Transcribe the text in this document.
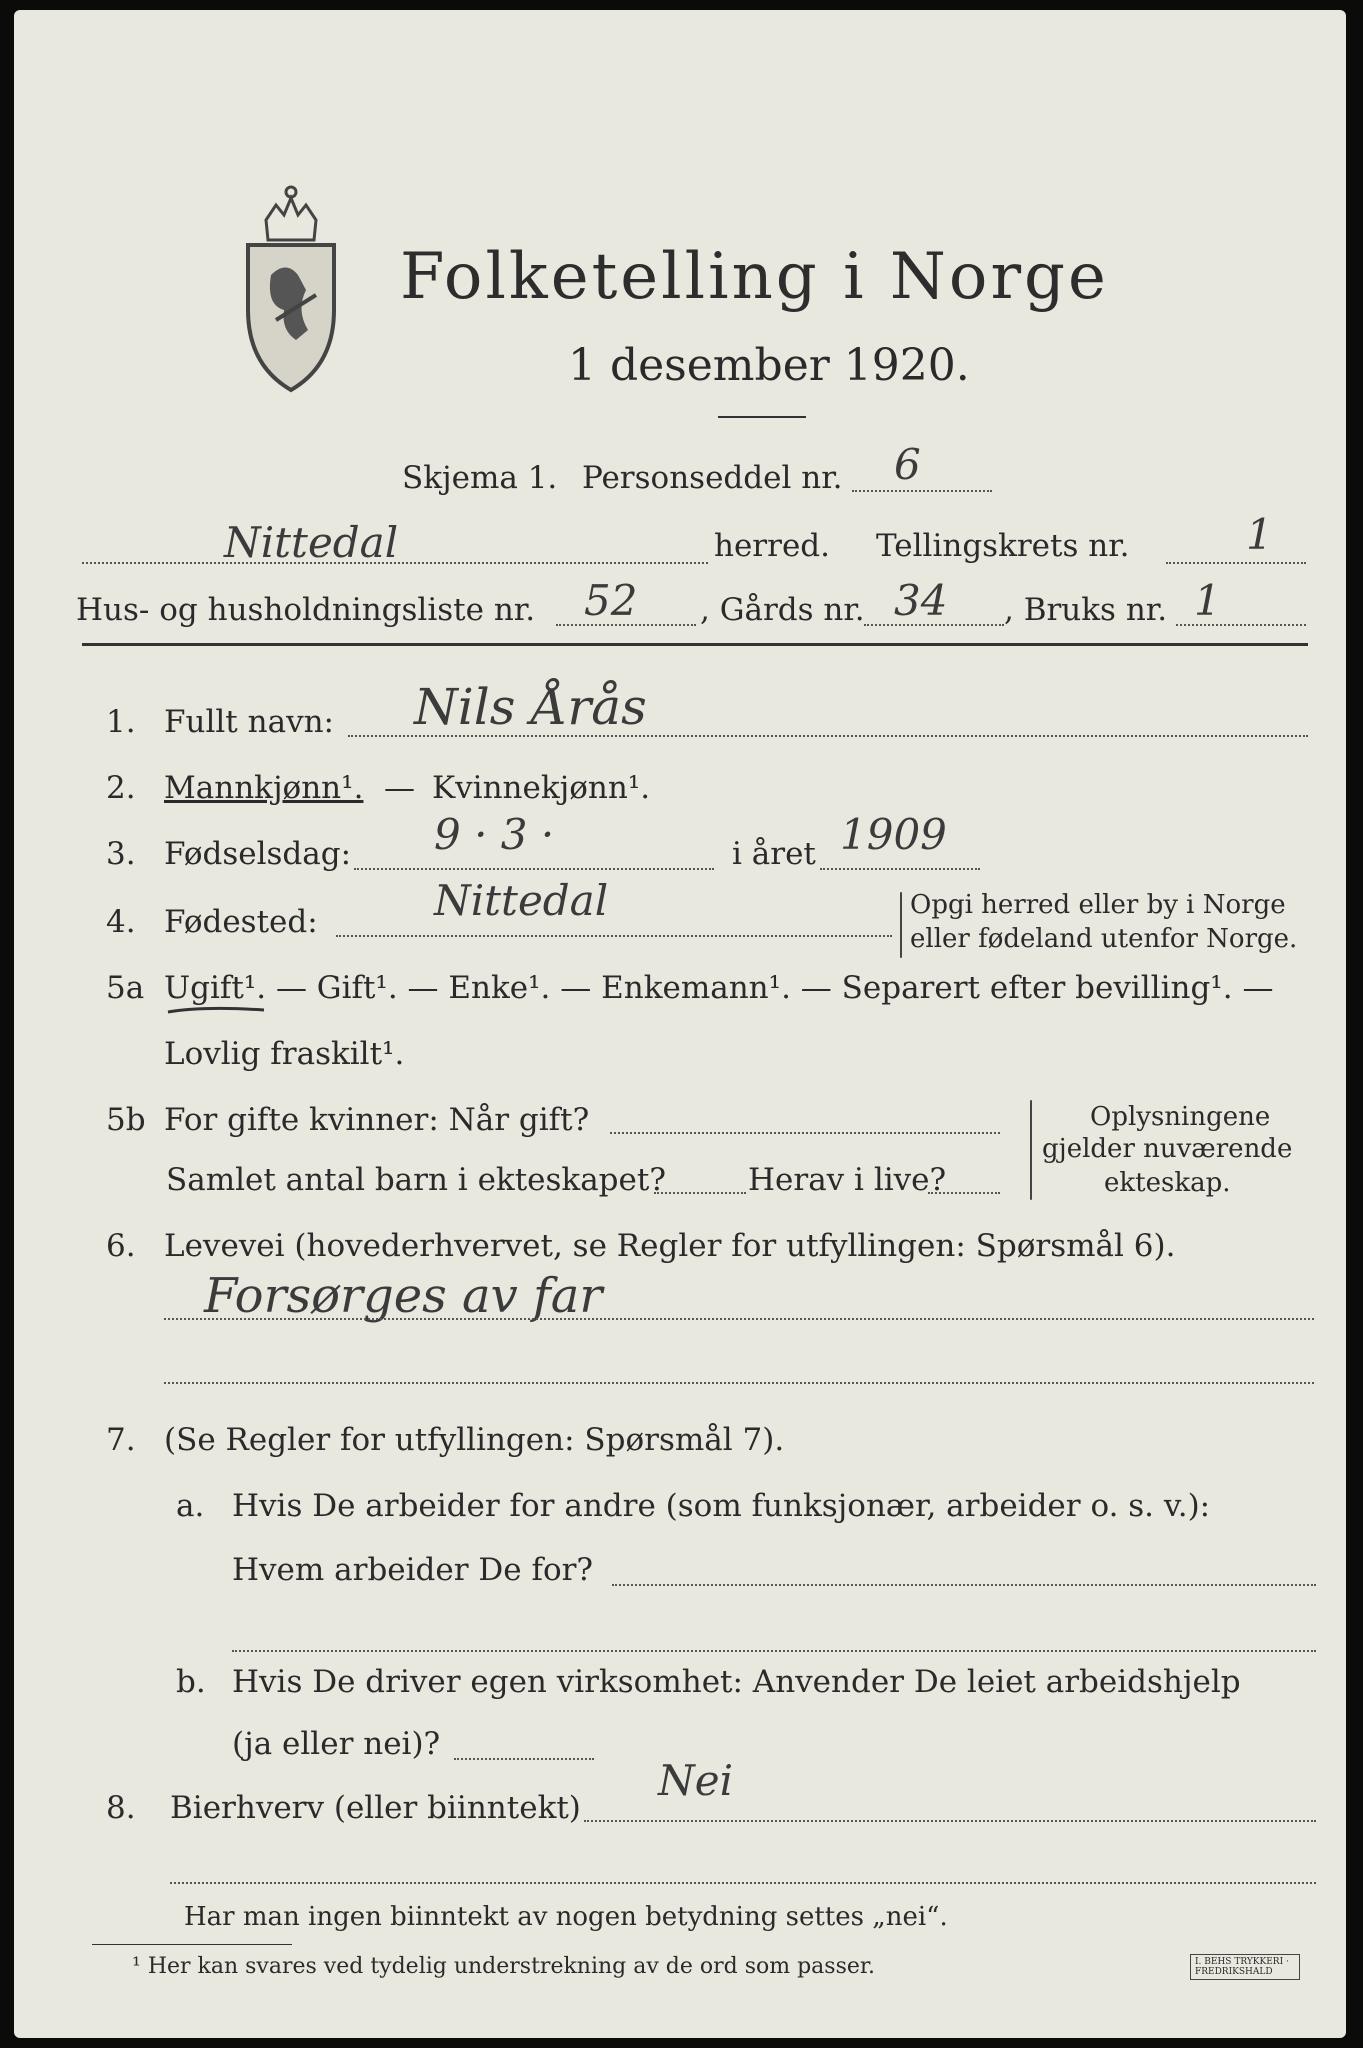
Folketelling i Norge
1 desember 1920.
Skjema 1. Personseddel nr. 6
Nittedal	herred. Tellingskrets nr.	1
Hus- og husholdningsliste nr. 52 , Gårds nr. 34 , Bruks nr. 1
1. Fullt navn: Nils Årås
2. Mannkjønn¹. — Kvinnekjønn¹.
3. Fødselsdag: 9 · 3 ·	i året 1909
4. Fødested:	Nittedal	Opgi herred eller by i Norge
eller fødeland utenfor Norge.
5a Ugift¹. — Gift¹. — Enke¹. — Enkemann¹. — Separert efter bevilling¹. —
Lovlig fraskilt¹.
5b For gifte kvinner: Når gift?
Samlet antal barn i ekteskapet?	Herav i live?
Oplysningene
gjelder nuværende
ekteskap.
6. Levevei (hovederhvervet, se Regler for utfyllingen: Spørsmål 6).
Forsørges av far
7. (Se Regler for utfyllingen: Spørsmål 7).
a. Hvis De arbeider for andre (som funksjonær, arbeider o. s. v.):
Hvem arbeider De for?
b. Hvis De driver egen virksomhet: Anvender De leiet arbeidshjelp
(ja eller nei)?
8. Bierhverv (eller biinntekt)
Nei
Har man ingen biinntekt av nogen betydning settes „nei“.
¹ Her kan svares ved tydelig understrekning av de ord som passer.	I. BEHS TRYKKERI · FREDRIKSHALD
